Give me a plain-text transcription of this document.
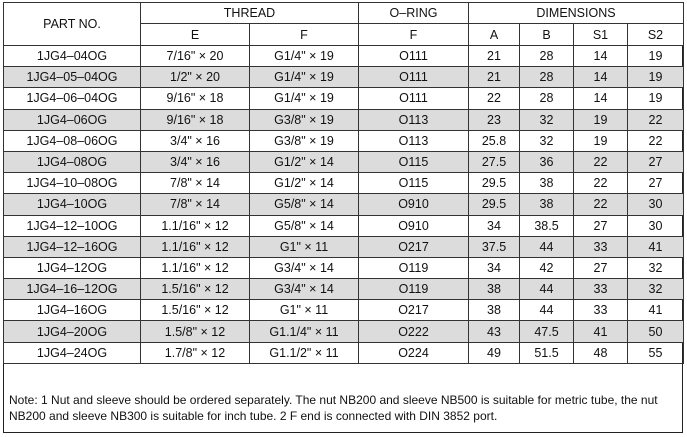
PART NO.	THREAD		O–RING	DIMENSIONS			
	E	F	F	A	B	S1	S2
1JG4–04OG	7/16" × 20	G1/4" × 19	O111	21	28	14	19
1JG4–05–04OG	1/2" × 20	G1/4" × 19	O111	21	28	14	19
1JG4–06–04OG	9/16" × 18	G1/4" × 19	O111	22	28	14	19
1JG4–06OG	9/16" × 18	G3/8" × 19	O113	23	32	19	22
1JG4–08–06OG	3/4" × 16	G3/8" × 19	O113	25.8	32	19	22
1JG4–08OG	3/4" × 16	G1/2" × 14	O115	27.5	36	22	27
1JG4–10–08OG	7/8" × 14	G1/2" × 14	O115	29.5	38	22	27
1JG4–10OG	7/8" × 14	G5/8" × 14	O910	29.5	38	22	30
1JG4–12–10OG	1.1/16" × 12	G5/8" × 14	O910	34	38.5	27	30
1JG4–12–16OG	1.1/16" × 12	G1" × 11	O217	37.5	44	33	41
1JG4–12OG	1.1/16" × 12	G3/4" × 14	O119	34	42	27	32
1JG4–16–12OG	1.5/16" × 12	G3/4" × 14	O119	38	44	33	32
1JG4–16OG	1.5/16" × 12	G1" × 11	O217	38	44	33	41
1JG4–20OG	1.5/8" × 12	G1.1/4" × 11	O222	43	47.5	41	50
1JG4–24OG	1.7/8" × 12	G1.1/2" × 11	O224	49	51.5	48	55
Note: 1 Nut and sleeve should be ordered separately. The nut NB200 and sleeve NB500 is suitable for metric tube, the nut NB200 and sleeve NB300 is suitable for inch tube. 2 F end is connected with DIN 3852 port.
